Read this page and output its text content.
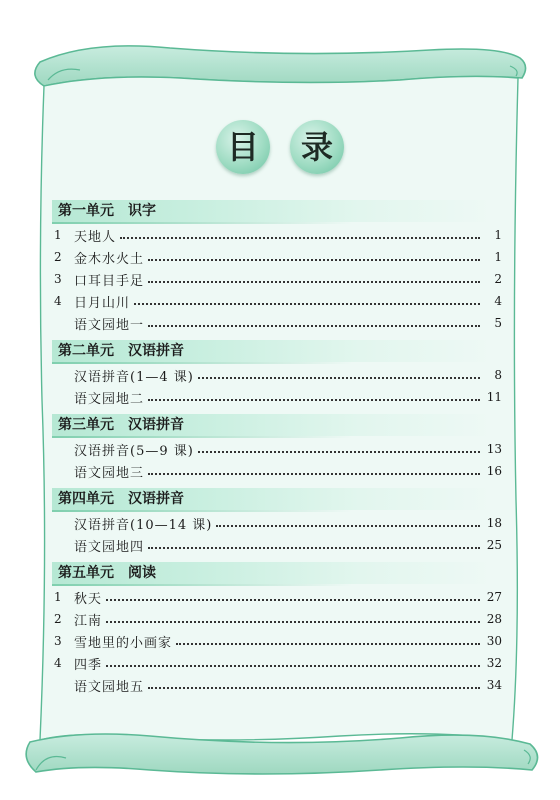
目	录
第一单元　识字
1 天地人	1
2 金木水火土	1
3 口耳目手足	2
4 日月山川	4
语文园地一	5
第二单元　汉语拼音
汉语拼音(1—4 课)	8
语文园地二	11
第三单元　汉语拼音
汉语拼音(5—9 课)	13
语文园地三	16
第四单元　汉语拼音
汉语拼音(10—14 课)	18
语文园地四	25
第五单元　阅读
1 秋天	27
2 江南	28
3 雪地里的小画家	30
4 四季	32
语文园地五	34
